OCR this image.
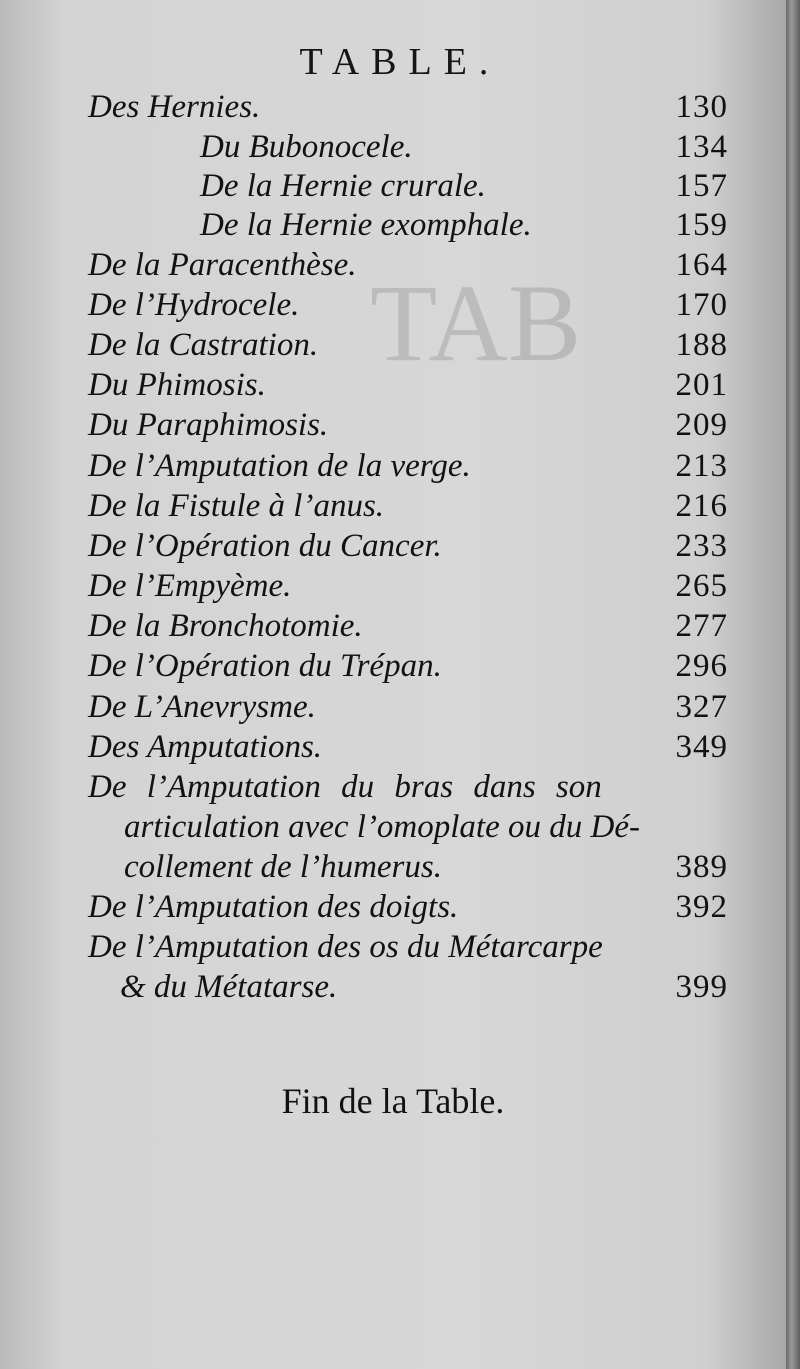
TABLE.
Des Hernies.	130
Du Bubonocele.	134
De la Hernie crurale.	157
De la Hernie exomphale.	159
De la Paracenthèse.	164
De l’Hydrocele.	170
De la Castration.	188
Du Phimosis.	201
Du Paraphimosis.	209
De l’Amputation de la verge.	213
De la Fistule à l’anus.	216
De l’Opération du Cancer.	233
De l’Empyème.	265
De la Bronchotomie.	277
De l’Opération du Trépan.	296
De L’Anevrysme.	327
Des Amputations.	349
De l’Amputation du bras dans son
articulation avec l’omoplate ou du Dé-
collement de l’humerus.	389
De l’Amputation des doigts.	392
De l’Amputation des os du Métarcarpe
& du Métatarse.	399
Fin de la Table.
